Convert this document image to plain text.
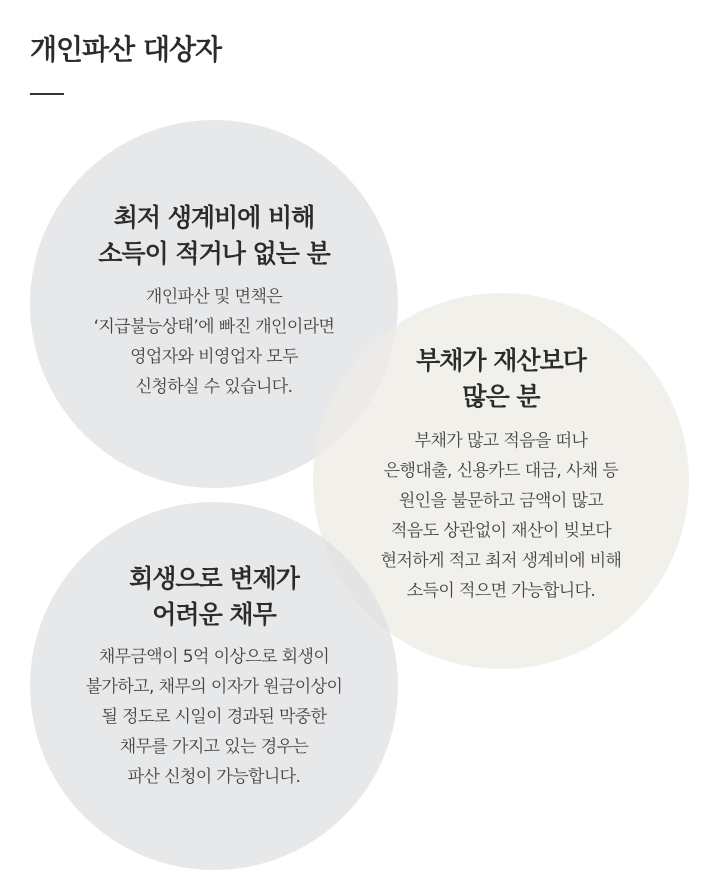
개인파산 대상자
최저 생계비에 비해
소득이 적거나 없는 분
개인파산 및 면책은
‘지급불능상태’에 빠진 개인이라면
영업자와 비영업자 모두
신청하실 수 있습니다.
부채가 재산보다
많은 분
부채가 많고 적음을 떠나
은행대출, 신용카드 대금, 사채 등
원인을 불문하고 금액이 많고
적음도 상관없이 재산이 빚보다
현저하게 적고 최저 생계비에 비해
소득이 적으면 가능합니다.
회생으로 변제가
어려운 채무
채무금액이 5억 이상으로 회생이
불가하고, 채무의 이자가 원금이상이
될 정도로 시일이 경과된 막중한
채무를 가지고 있는 경우는
파산 신청이 가능합니다.
